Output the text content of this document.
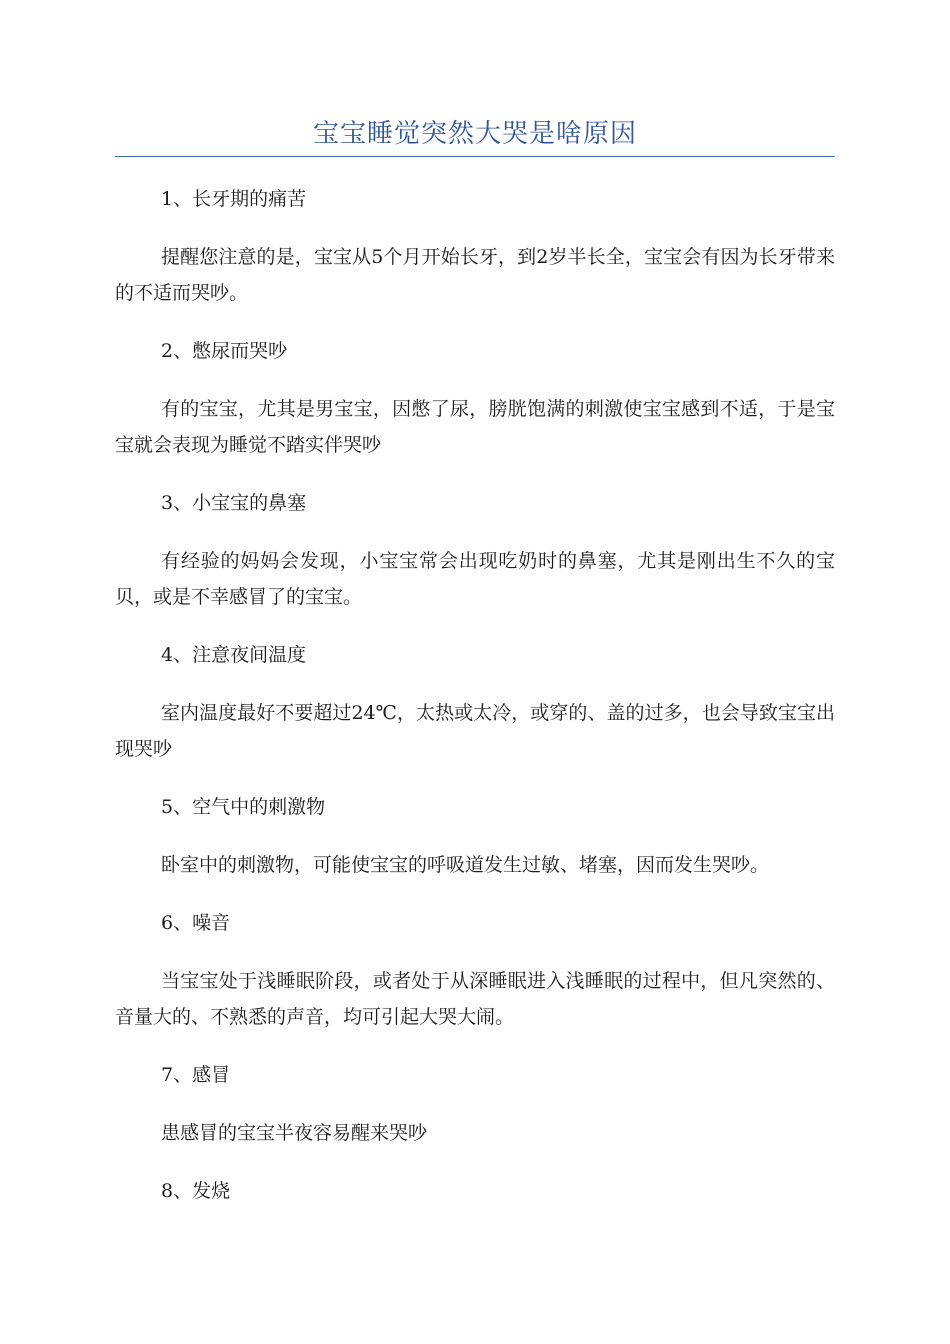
宝宝睡觉突然大哭是啥原因

1、长牙期的痛苦

提醒您注意的是，宝宝从5个月开始长牙，到2岁半长全，宝宝会有因为长牙带来的不适而哭吵。

2、憋尿而哭吵

有的宝宝，尤其是男宝宝，因憋了尿，膀胱饱满的刺激使宝宝感到不适，于是宝宝就会表现为睡觉不踏实伴哭吵

3、小宝宝的鼻塞

有经验的妈妈会发现，小宝宝常会出现吃奶时的鼻塞，尤其是刚出生不久的宝贝，或是不幸感冒了的宝宝。

4、注意夜间温度

室内温度最好不要超过24℃，太热或太冷，或穿的、盖的过多，也会导致宝宝出现哭吵

5、空气中的刺激物

卧室中的刺激物，可能使宝宝的呼吸道发生过敏、堵塞，因而发生哭吵。

6、噪音

当宝宝处于浅睡眠阶段，或者处于从深睡眠进入浅睡眠的过程中，但凡突然的、音量大的、不熟悉的声音，均可引起大哭大闹。

7、感冒

患感冒的宝宝半夜容易醒来哭吵

8、发烧
